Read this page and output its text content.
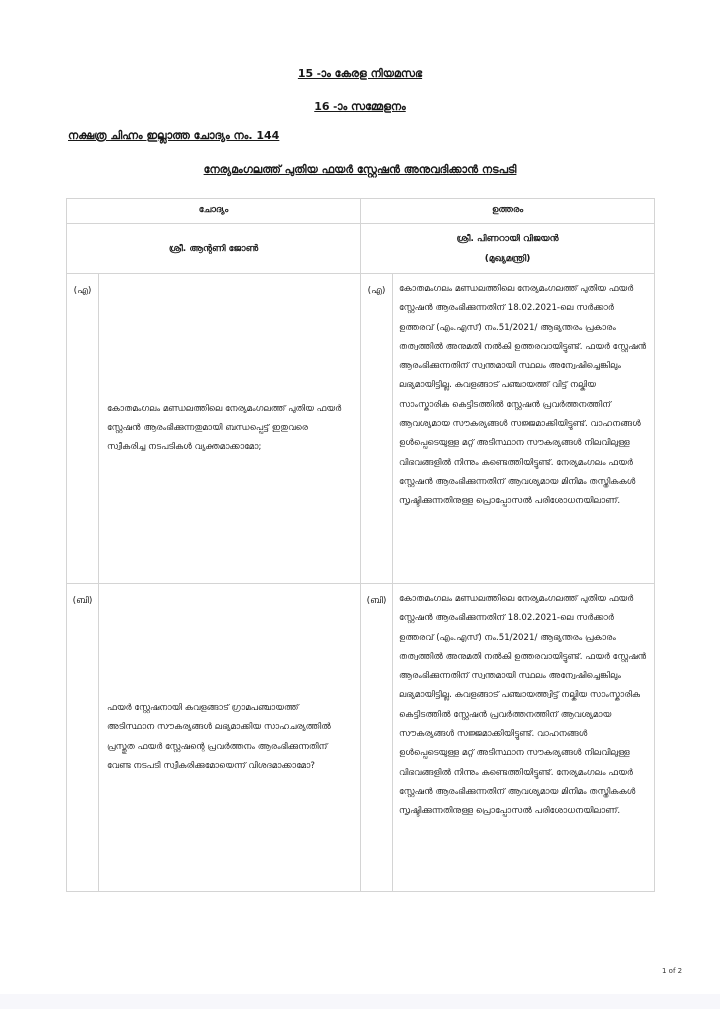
15 -ാം കേരള നിയമസഭ
16 -ാം സമ്മേളനം
നക്ഷത്ര ചിഹ്നം ഇല്ലാത്ത ചോദ്യം നം. 144
നേര്യമംഗലത്ത് പുതിയ ഫയർ സ്റ്റേഷൻ അനുവദിക്കാൻ നടപടി
ചോദ്യം		ഉത്തരം	
ശ്രീ. ആന്റണി ജോൺ		ശ്രീ. പിണറായി വിജയൻ
(മുഖ്യമന്ത്രി)	

(എ)	കോതമംഗലം മണ്ഡലത്തിലെ നേര്യമംഗലത്ത് പുതിയ ഫയർ സ്റ്റേഷൻ ആരംഭിക്കുന്നതുമായി ബന്ധപ്പെട്ട് ഇതുവരെ സ്വീകരിച്ച നടപടികൾ വ്യക്തമാക്കാമോ;	(എ)	കോതമംഗലം മണ്ഡലത്തിലെ നേര്യമംഗലത്ത് പുതിയ ഫയർ സ്റ്റേഷൻ ആരംഭിക്കുന്നതിന് 18.02.2021-ലെ സർക്കാർ ഉത്തരവ് (എം.എസ്) നം.51/2021/ ആഭ്യന്തരം പ്രകാരം തത്വത്തിൽ അനുമതി നൽകി ഉത്തരവായിട്ടുണ്ട്. ഫയർ സ്റ്റേഷൻ ആരംഭിക്കുന്നതിന് സ്വന്തമായി സ്ഥലം അന്വേഷിച്ചെങ്കിലും ലഭ്യമായിട്ടില്ല. കവളങ്ങാട് പഞ്ചായത്ത് വിട്ട് നല്കിയ സാംസ്കാരിക കെട്ടിടത്തിൽ സ്റ്റേഷൻ പ്രവർത്തനത്തിന് ആവശ്യമായ സൗകര്യങ്ങൾ സജ്ജമാക്കിയിട്ടുണ്ട്. വാഹനങ്ങൾ ഉൾപ്പെടെയുള്ള മറ്റ് അടിസ്ഥാന സൗകര്യങ്ങൾ നിലവിലുള്ള വിഭവങ്ങളിൽ നിന്നും കണ്ടെത്തിയിട്ടുണ്ട്. നേര്യമംഗലം ഫയർ സ്റ്റേഷൻ ആരംഭിക്കുന്നതിന് ആവശ്യമായ മിനിമം തസ്തികകൾ സൃഷ്ടിക്കുന്നതിനുള്ള പ്രൊപ്പോസൽ പരിശോധനയിലാണ്.
(ബി)	ഫയർ സ്റ്റേഷനായി കവളങ്ങാട് ഗ്രാമപഞ്ചായത്ത് അടിസ്ഥാന സൗകര്യങ്ങൾ ലഭ്യമാക്കിയ സാഹചര്യത്തിൽ പ്രസ്തുത ഫയർ സ്റ്റേഷന്റെ പ്രവർത്തനം ആരംഭിക്കുന്നതിന് വേണ്ട നടപടി സ്വീകരിക്കുമോയെന്ന് വിശദമാക്കാമോ?	(ബി)	കോതമംഗലം മണ്ഡലത്തിലെ നേര്യമംഗലത്ത് പുതിയ ഫയർ സ്റ്റേഷൻ ആരംഭിക്കുന്നതിന് 18.02.2021-ലെ സർക്കാർ ഉത്തരവ് (എം.എസ്) നം.51/2021/ ആഭ്യന്തരം പ്രകാരം തത്വത്തിൽ അനുമതി നൽകി ഉത്തരവായിട്ടുണ്ട്. ഫയർ സ്റ്റേഷൻ ആരംഭിക്കുന്നതിന് സ്വന്തമായി സ്ഥലം അന്വേഷിച്ചെങ്കിലും ലഭ്യമായിട്ടില്ല. കവളങ്ങാട് പഞ്ചായത്ത്വിട്ട് നല്കിയ സാംസ്കാരിക കെട്ടിടത്തിൽ സ്റ്റേഷൻ പ്രവർത്തനത്തിന് ആവശ്യമായ സൗകര്യങ്ങൾ സജ്ജമാക്കിയിട്ടുണ്ട്. വാഹനങ്ങൾ ഉൾപ്പെടെയുള്ള മറ്റ് അടിസ്ഥാന സൗകര്യങ്ങൾ നിലവിലുള്ള വിഭവങ്ങളിൽ നിന്നും കണ്ടെത്തിയിട്ടുണ്ട്. നേര്യമംഗലം ഫയർ സ്റ്റേഷൻ ആരംഭിക്കുന്നതിന് ആവശ്യമായ മിനിമം തസ്തികകൾ സൃഷ്ടിക്കുന്നതിനുള്ള പ്രൊപ്പോസൽ പരിശോധനയിലാണ്.
1 of 2
